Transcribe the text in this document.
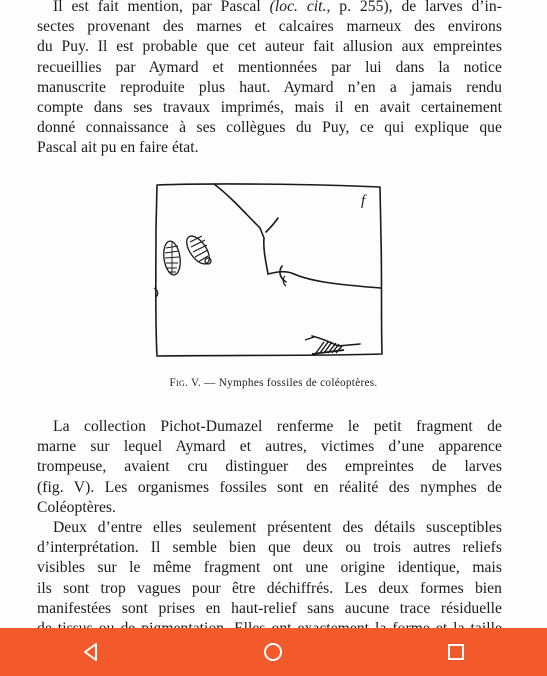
Il est fait mention, par Pascal (loc. cit., p. 255), de larves d’in-
sectes provenant des marnes et calcaires marneux des environs
du Puy. Il est probable que cet auteur fait allusion aux empreintes
recueillies par Aymard et mentionnées par lui dans la notice
manuscrite reproduite plus haut. Aymard n’en a jamais rendu
compte dans ses travaux imprimés, mais il en avait certainement
donné connaissance à ses collègues du Puy, ce qui explique que
Pascal ait pu en faire état.
f
Fig. V. — Nymphes fossiles de coléoptères.
La collection Pichot-Dumazel renferme le petit fragment de
marne sur lequel Aymard et autres, victimes d’une apparence
trompeuse, avaient cru distinguer des empreintes de larves
(fig. V). Les organismes fossiles sont en réalité des nymphes de
Coléoptères.
Deux d’entre elles seulement présentent des détails susceptibles
d’interprétation. Il semble bien que deux ou trois autres reliefs
visibles sur le même fragment ont une origine identique, mais
ils sont trop vagues pour être déchiffrés. Les deux formes bien
manifestées sont prises en haut-relief sans aucune trace résiduelle
